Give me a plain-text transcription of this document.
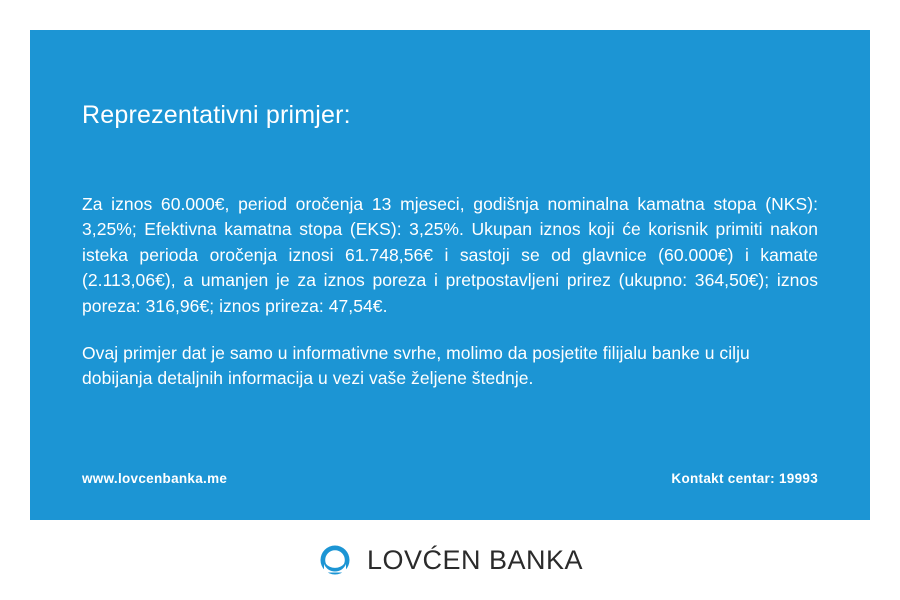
Reprezentativni primjer:

Za iznos 60.000€, period oročenja 13 mjeseci, godišnja nominalna kamatna stopa (NKS): 3,25%; Efektivna kamatna stopa (EKS): 3,25%. Ukupan iznos koji će korisnik primiti nakon isteka perioda oročenja iznosi 61.748,56€ i sastoji se od glavnice (60.000€) i kamate (2.113,06€), a umanjen je za iznos poreza i pretpostavljeni prirez (ukupno: 364,50€); iznos poreza: 316,96€; iznos prireza: 47,54€.

Ovaj primjer dat je samo u informativne svrhe, molimo da posjetite filijalu banke u cilju dobijanja detaljnih informacija u vezi vaše željene štednje.

www.lovcenbanka.me	Kontakt centar: 19993
LOVĆEN BANKA
